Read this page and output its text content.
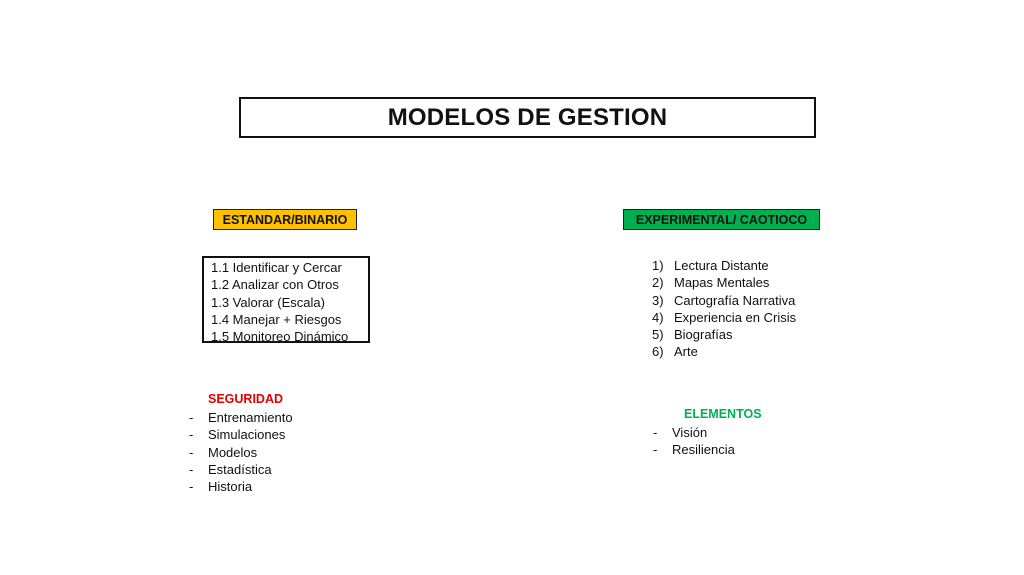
MODELOS DE GESTION
ESTANDAR/BINARIO	EXPERIMENTAL/ CAOTIOCO
1.1 Identificar y Cercar
1.2 Analizar con Otros
1.3 Valorar (Escala)
1.4 Manejar + Riesgos
1.5 Monitoreo Dinámico
1) Lectura Distante
2) Mapas Mentales
3) Cartografía Narrativa
4) Experiencia en Crisis
5) Biografías
6) Arte
SEGURIDAD
- Entrenamiento
- Simulaciones
- Modelos
- Estadística
- Historia
ELEMENTOS
- Visión
- Resiliencia
